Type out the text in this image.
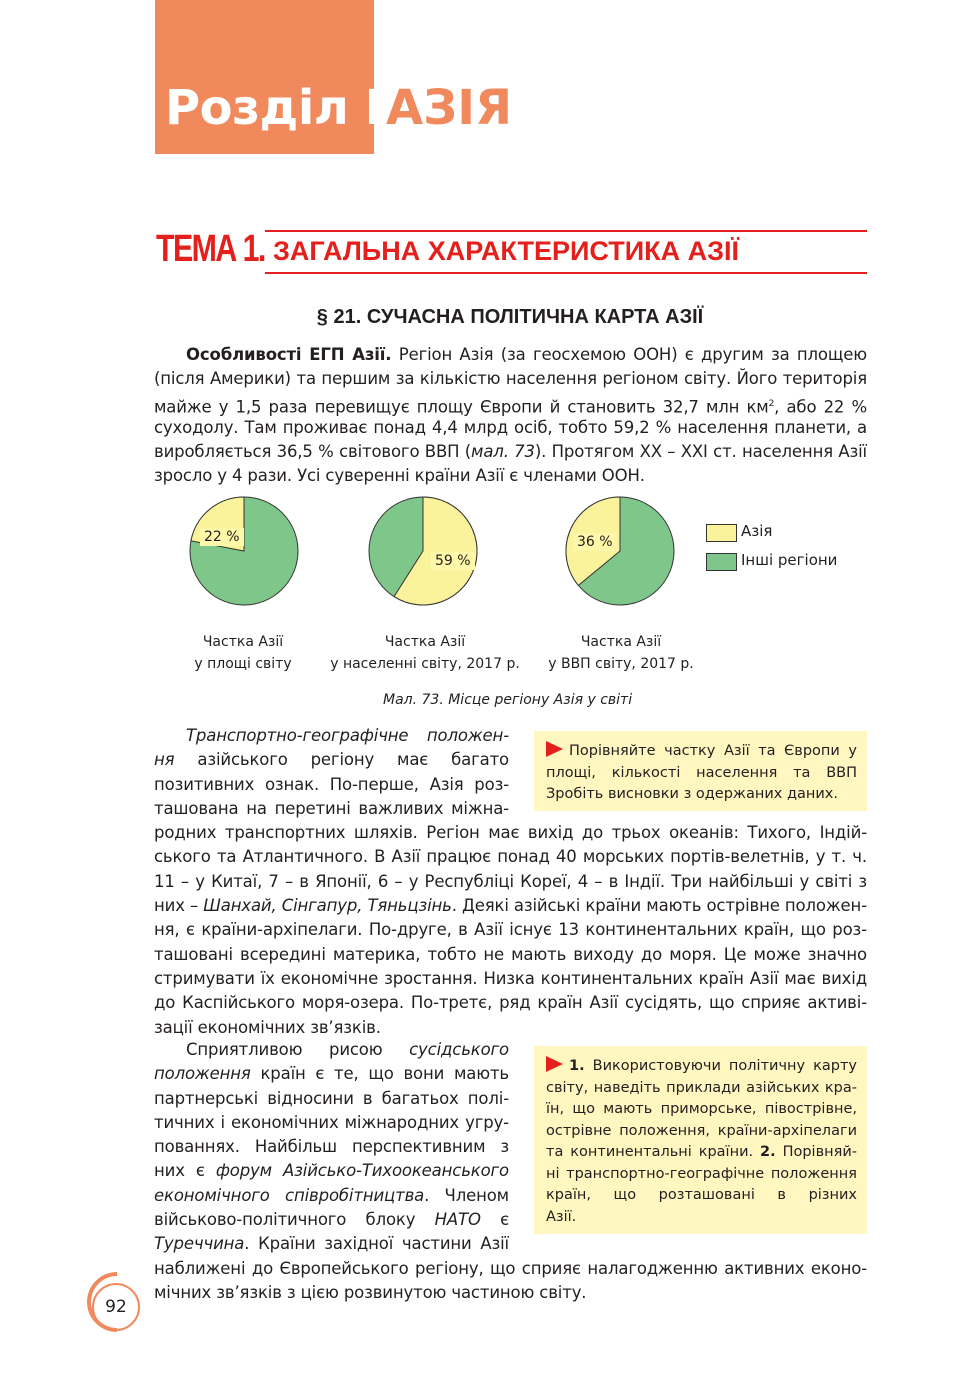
Розділ II
АЗІЯ
ТЕМА 1. ЗАГАЛЬНА ХАРАКТЕРИСТИКА АЗІЇ
§ 21. СУЧАСНА ПОЛІТИЧНА КАРТА АЗІЇ
Особливості ЕГП Азії. Регіон Азія (за геосхемою ООН) є другим за площею
(після Америки) та першим за кількістю населення регіоном світу. Його територія
майже у 1,5 раза перевищує площу Європи й становить 32,7 млн $км^2$, або 22 %
суходолу. Там проживає понад 4,4 млрд осіб, тобто 59,2 % населення планети, а
виробляється 36,5 % світового ВВП (мал. 73). Протягом XX – XXI ст. населення Азії
зросло у 4 рази. Усі суверенні країни Азії є членами ООН.
22 %
59 %
36 %
Азія
Інші регіони
Частка Азії
у площі світу
Частка Азії
у населенні світу, 2017 р.
Частка Азії
у ВВП світу, 2017 р.
Мал. 73. Місце регіону Азія у світі
Порівняйте частку Азії та Європи у
площі, кількості населення та ВВП
Зробіть висновки з одержаних даних.
Транспортно-географічне положен-
ня азійського регіону має багато
позитивних ознак. По-перше, Азія роз-
ташована на перетині важливих міжна-
родних транспортних шляхів. Регіон має вихід до трьох океанів: Тихого, Індій-
ського та Атлантичного. В Азії працює понад 40 морських портів-велетнів, у т. ч.
11 – у Китаї, 7 – в Японії, 6 – у Республіці Кореї, 4 – в Індії. Три найбільші у світі з
них – Шанхай, Сінгапур, Тяньцзінь. Деякі азійські країни мають острівне положен-
ня, є країни-архіпелаги. По-друге, в Азії існує 13 континентальних країн, що роз-
ташовані всередині материка, тобто не мають виходу до моря. Це може значно
стримувати їх економічне зростання. Низка континентальних країн Азії має вихід
до Каспійського моря-озера. По-третє, ряд країн Азії сусідять, що сприяє активі-
зації економічних зв’язків.
1. Використовуючи політичну карту
світу, наведіть приклади азійських кра-
їн, що мають приморське, півострівне,
острівне положення, країни-архіпелаги
та континентальні країни. 2. Порівняй-
ні транспортно-географічне положення
країн, що розташовані в різних
Азії.
Сприятливою рисою сусідського
положення країн є те, що вони мають
партнерські відносини в багатьох полі-
тичних і економічних міжнародних угру-
пованнях. Найбільш перспективним з
них є форум Азійсько-Тихоокеанського
економічного співробітництва. Членом
військово-політичного блоку НАТО є
Туреччина. Країни західної частини Азії
наближені до Європейського регіону, що сприяє налагодженню активних еконо-
мічних зв’язків з цією розвинутою частиною світу.
92
